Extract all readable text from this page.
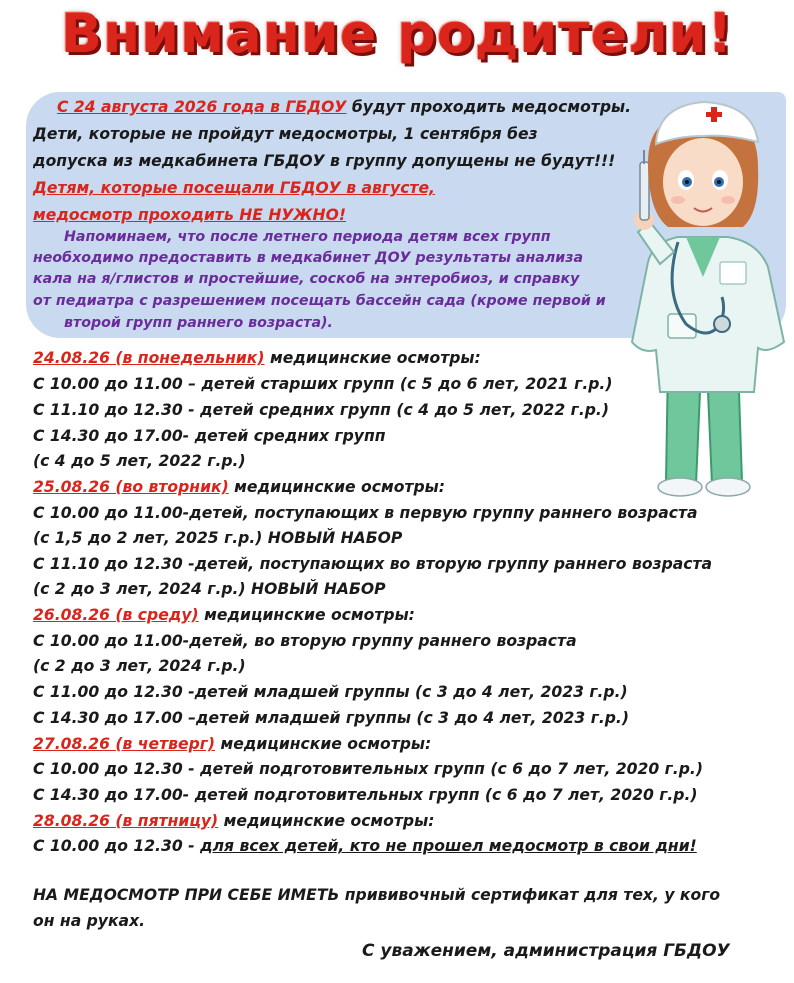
Внимание родители!
С 24 августа 2026 года в ГБДОУ будут проходить медосмотры.
Дети, которые не пройдут медосмотры, 1 сентября без
допуска из медкабинета ГБДОУ в группу допущены не будут!!!
Детям, которые посещали ГБДОУ в августе,
медосмотр проходить НЕ НУЖНО!
Напоминаем, что после летнего периода детям всех групп
необходимо предоставить в медкабинет ДОУ результаты анализа
кала на я/глистов и простейшие, соскоб на энтеробиоз, и справку
от педиатра с разрешением посещать бассейн сада (кроме первой и
второй групп раннего возраста).
24.08.26 (в понедельник) медицинские осмотры:
С 10.00 до 11.00 – детей старших групп (с 5 до 6 лет, 2021 г.р.)
С 11.10 до 12.30 - детей средних групп (с 4 до 5 лет, 2022 г.р.)
С 14.30 до 17.00- детей средних групп
(с 4 до 5 лет, 2022 г.р.)
25.08.26 (во вторник) медицинские осмотры:
С 10.00 до 11.00-детей, поступающих в первую группу раннего возраста
(с 1,5 до 2 лет, 2025 г.р.) НОВЫЙ НАБОР
С 11.10 до 12.30 -детей, поступающих во вторую группу раннего возраста
(с 2 до 3 лет, 2024 г.р.) НОВЫЙ НАБОР
26.08.26 (в среду) медицинские осмотры:
С 10.00 до 11.00-детей, во вторую группу раннего возраста
(с 2 до 3 лет, 2024 г.р.)
С 11.00 до 12.30 -детей младшей группы (с 3 до 4 лет, 2023 г.р.)
С 14.30 до 17.00 –детей младшей группы (с 3 до 4 лет, 2023 г.р.)
27.08.26 (в четверг) медицинские осмотры:
С 10.00 до 12.30 - детей подготовительных групп (с 6 до 7 лет, 2020 г.р.)
С 14.30 до 17.00- детей подготовительных групп (с 6 до 7 лет, 2020 г.р.)
28.08.26 (в пятницу) медицинские осмотры:
С 10.00 до 12.30 - для всех детей, кто не прошел медосмотр в свои дни!
НА МЕДОСМОТР ПРИ СЕБЕ ИМЕТЬ прививочный сертификат для тех, у кого
он на руках.
С уважением, администрация ГБДОУ
